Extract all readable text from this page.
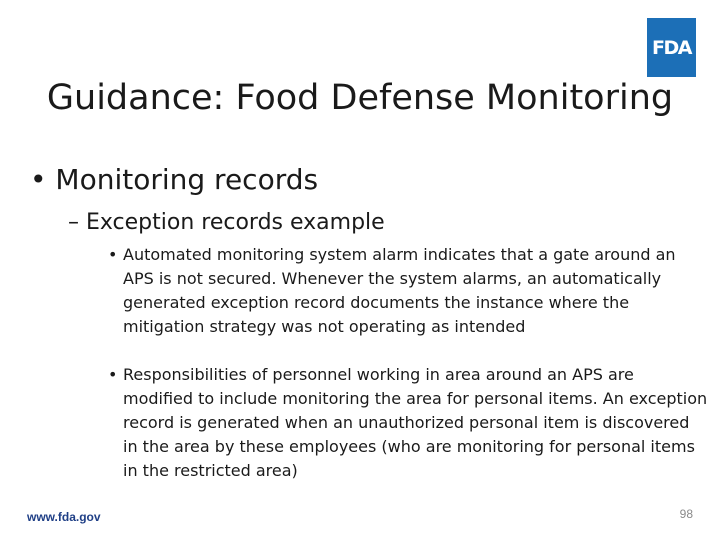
FDA
Guidance: Food Defense Monitoring
• Monitoring records
– Exception records example
• Automated monitoring system alarm indicates that a gate around an APS is not secured. Whenever the system alarms, an automatically generated exception record documents the instance where the mitigation strategy was not operating as intended
• Responsibilities of personnel working in area around an APS are modified to include monitoring the area for personal items. An exception record is generated when an unauthorized personal item is discovered in the area by these employees (who are monitoring for personal items in the restricted area)
www.fda.gov	98
